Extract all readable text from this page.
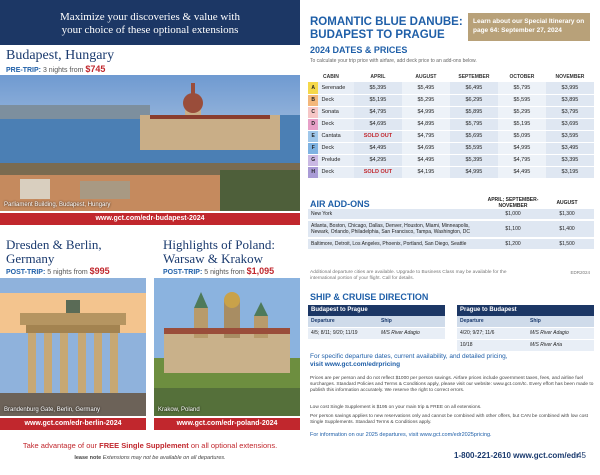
Maximize your discoveries & value with
your choice of these optional extensions
Budapest, Hungary
PRE-TRIP: 3 nights from $745
Parliament Building, Budapest, Hungary
www.gct.com/edr-budapest-2024
Dresden & Berlin,
Germany
POST-TRIP: 5 nights from $995
Brandenburg Gate, Berlin, Germany
www.gct.com/edr-berlin-2024
Highlights of Poland:
Warsaw & Krakow
POST-TRIP: 5 nights from $1,095
Krakow, Poland
www.gct.com/edr-poland-2024
Take advantage of our FREE Single Supplement on all optional extensions.
lease note Extensions may not be available on all departures.
ROMANTIC BLUE DANUBE:
BUDAPEST TO PRAGUE
Learn about our Special Itinerary on page 64: September 27, 2024
2024 DATES & PRICES
To calculate your trip price with airfare, add deck price to an add-ons below.
CABIN		APRIL	AUGUST	SEPTEMBER	OCTOBER	NOVEMBER
A	Serenade	$5,395	$5,495	$6,495	$5,795	$3,995
B	Deck	$5,195	$5,295	$6,295	$5,595	$3,895
C	Sonata	$4,795	$4,995	$5,895	$5,295	$3,795
D	Deck	$4,695	$4,895	$5,795	$5,195	$3,695
E	Cantata	SOLD OUT	$4,795	$5,695	$5,095	$3,595
F	Deck	$4,495	$4,695	$5,595	$4,995	$3,495
G	Prelude	$4,295	$4,495	$5,395	$4,795	$3,395
H	Deck	SOLD OUT	$4,195	$4,995	$4,495	$3,195
AIR ADD-ONS
		APRIL; SEPTEMBER-NOVEMBER	AUGUST
New York	$1,000	$1,300
Atlanta, Boston, Chicago, Dallas, Denver, Houston, Miami, Minneapolis, Newark, Orlando, Philadelphia, San Francisco, Tampa, Washington, DC	$1,100	$1,400
Baltimore, Detroit, Los Angeles, Phoenix, Portland, San Diego, Seattle	$1,200	$1,500
Additional departure cities are available. Upgrade to Business Class may be available for the international portion of your flight. Call for details.
EDR2024
SHIP & CRUISE DIRECTION
Budapest to Prague
Departure	Ship
4/5; 8/11; 9/20; 11/19	M/S River Adagio
Prague to Budapest
Departure	Ship
4/20; 9/27; 11/6	M/S River Adagio
10/18	M/S River Aria
For specific departure dates, current availability, and detailed pricing,
visit www.gct.com/edrpricing
Prices are per person and do not reflect $1000 per person savings. Airfare prices include government taxes, fees, and airline fuel surcharges. Standard Policies and Terms & Conditions apply, please visit our website: www.gct.com/tc. Every effort has been made to publish this information accurately. We reserve the right to correct errors.
Low cost Single Supplement is $195 on your main trip & FREE on all extensions.
Per person savings applies to new reservations only and cannot be combined with other offers, but CAN be combined with low cost Single Supplements. Standard Terms & Conditions apply.
For information on our 2025 departures, visit www.gct.com/edr2025pricing.
1-800-221-2610 www.gct.com/edr
45
